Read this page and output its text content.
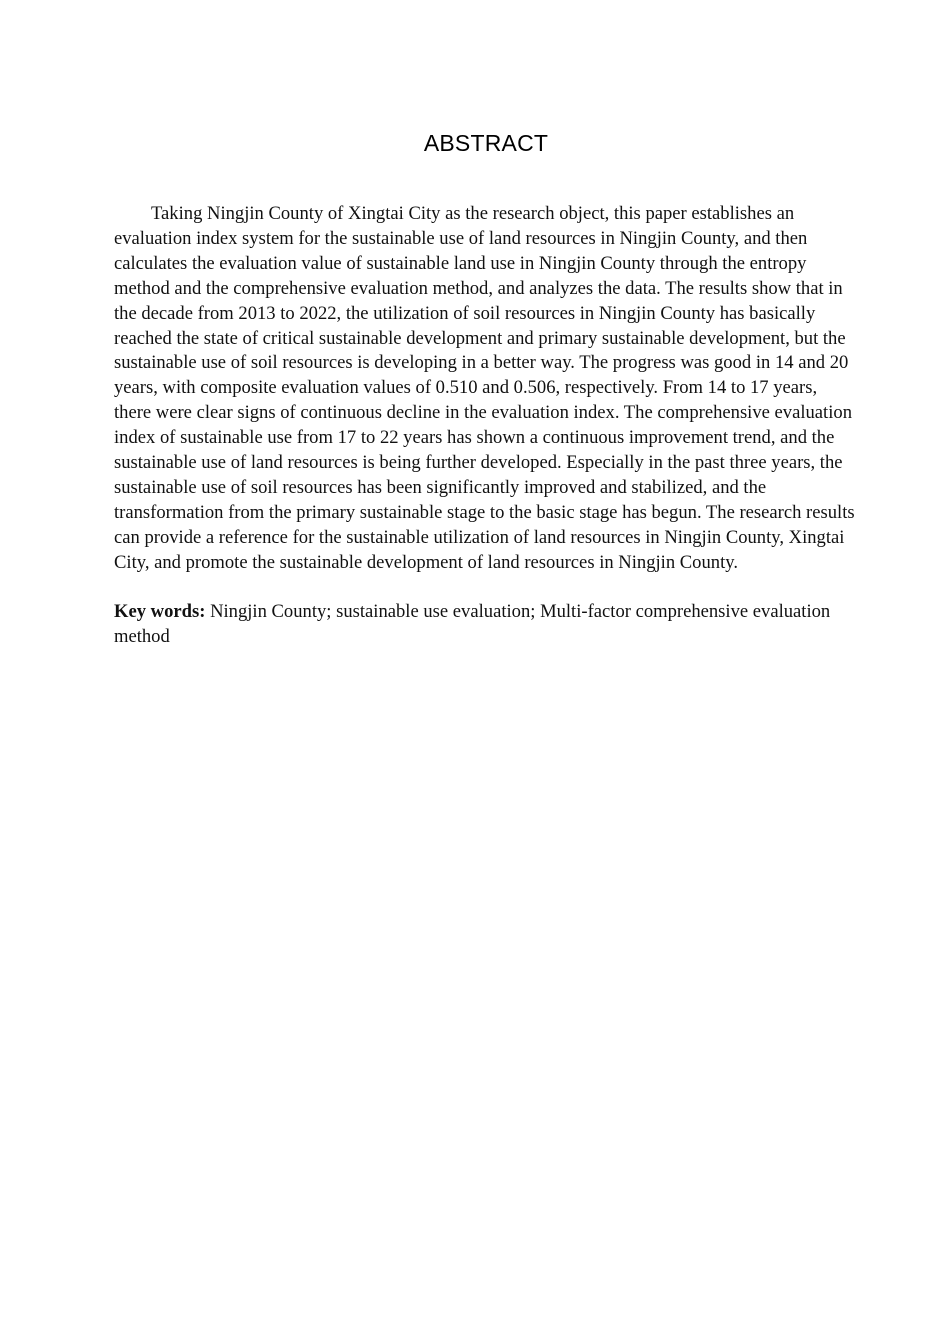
ABSTRACT

Taking Ningjin County of Xingtai City as the research object, this paper establishes an evaluation index system for the sustainable use of land resources in Ningjin County, and then calculates the evaluation value of sustainable land use in Ningjin County through the entropy method and the comprehensive evaluation method, and analyzes the data. The results show that in the decade from 2013 to 2022, the utilization of soil resources in Ningjin County has basically reached the state of critical sustainable development and primary sustainable development, but the sustainable use of soil resources is developing in a better way. The progress was good in 14 and 20 years, with composite evaluation values of 0.510 and 0.506, respectively. From 14 to 17 years, there were clear signs of continuous decline in the evaluation index. The comprehensive evaluation index of sustainable use from 17 to 22 years has shown a continuous improvement trend, and the sustainable use of land resources is being further developed. Especially in the past three years, the sustainable use of soil resources has been significantly improved and stabilized, and the transformation from the primary sustainable stage to the basic stage has begun. The research results can provide a reference for the sustainable utilization of land resources in Ningjin County, Xingtai City, and promote the sustainable development of land resources in Ningjin County.

Key words: Ningjin County; sustainable use evaluation; Multi-factor comprehensive evaluation method
